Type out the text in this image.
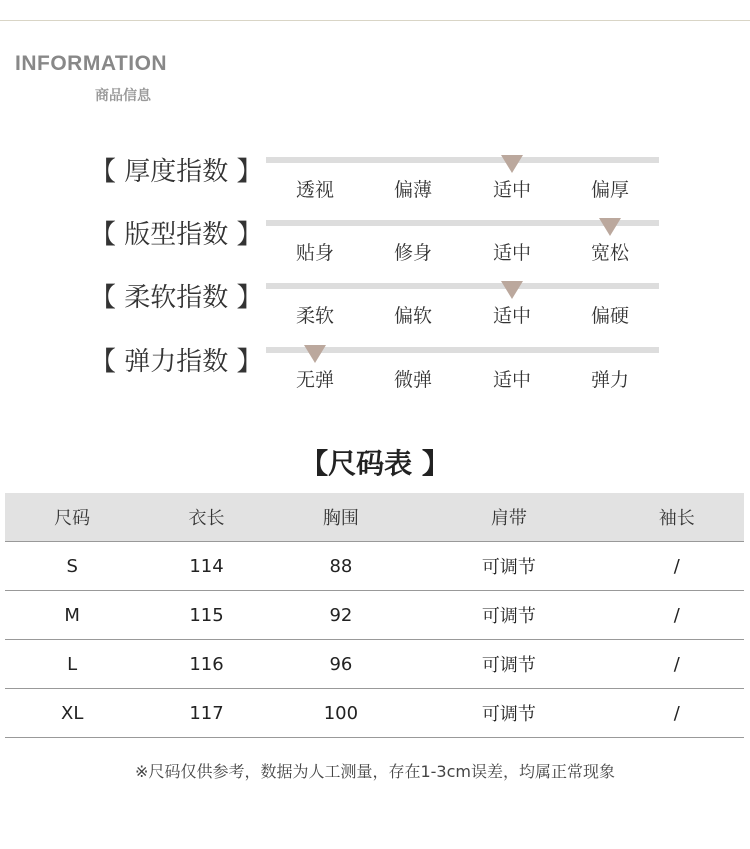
INFORMATION
商品信息
【 厚度指数 】
透视	偏薄	适中	偏厚
【 版型指数 】
贴身	修身	适中	宽松
【 柔软指数 】
柔软	偏软	适中	偏硬
【 弹力指数 】
无弹	微弹	适中	弹力
【尺码表 】
尺码	衣长	胸围	肩带	袖长
S	114	88	可调节	/
M	115	92	可调节	/
L	116	96	可调节	/
XL	117	100	可调节	/
※尺码仅供参考，数据为人工测量，存在1-3cm误差，均属正常现象
